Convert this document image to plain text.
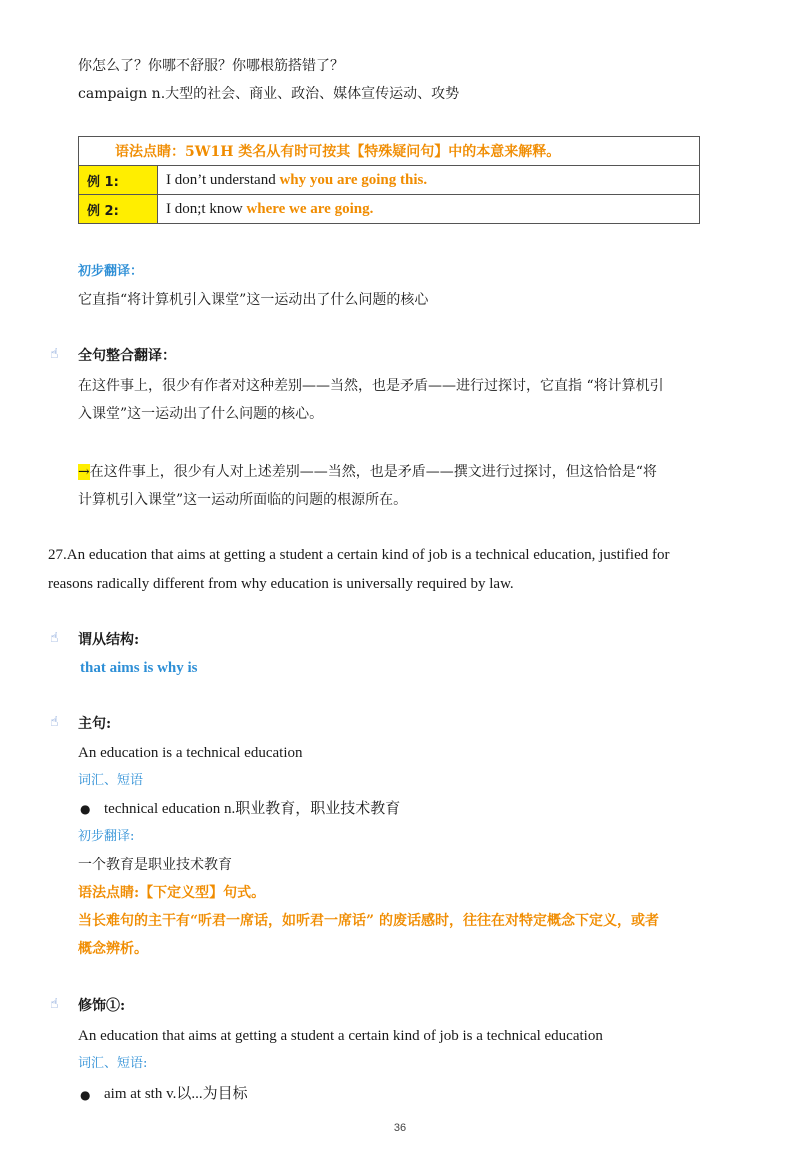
你怎么了？你哪不舒服？你哪根筋搭错了？
campaign n.大型的社会、商业、政治、媒体宣传运动、攻势
语法点睛：5W1H 类名从有时可按其【特殊疑问句】中的本意来解释。	
例 1:	I don’t understand why you are going this.
例 2:	I don;t know where we are going.
初步翻译：
它直指“将计算机引入课堂”这一运动出了什么问题的核心
☝	全句整合翻译：
在这件事上，很少有作者对这种差别——当然，也是矛盾——进行过探讨，它直指 “将计算机引
入课堂”这一运动出了什么问题的核心。
→在这件事上，很少有人对上述差别——当然，也是矛盾——撰文进行过探讨，但这恰恰是“将
计算机引入课堂”这一运动所面临的问题的根源所在。
27.An education that aims at getting a student a certain kind of job is a technical education, justified for
reasons radically different from why education is universally required by law.
☝	谓从结构:
that aims is why is
☝	主句:
An education is a technical education
词汇、短语
● technical education n.职业教育，职业技术教育
初步翻译:
一个教育是职业技术教育
语法点睛:【下定义型】句式。
当长难句的主干有“听君一席话，如听君一席话” 的废话感时，往往在对特定概念下定义，或者
概念辨析。
☝	修饰①:
An education that aims at getting a student a certain kind of job is a technical education
词汇、短语:
● aim at sth v.以...为目标
36
